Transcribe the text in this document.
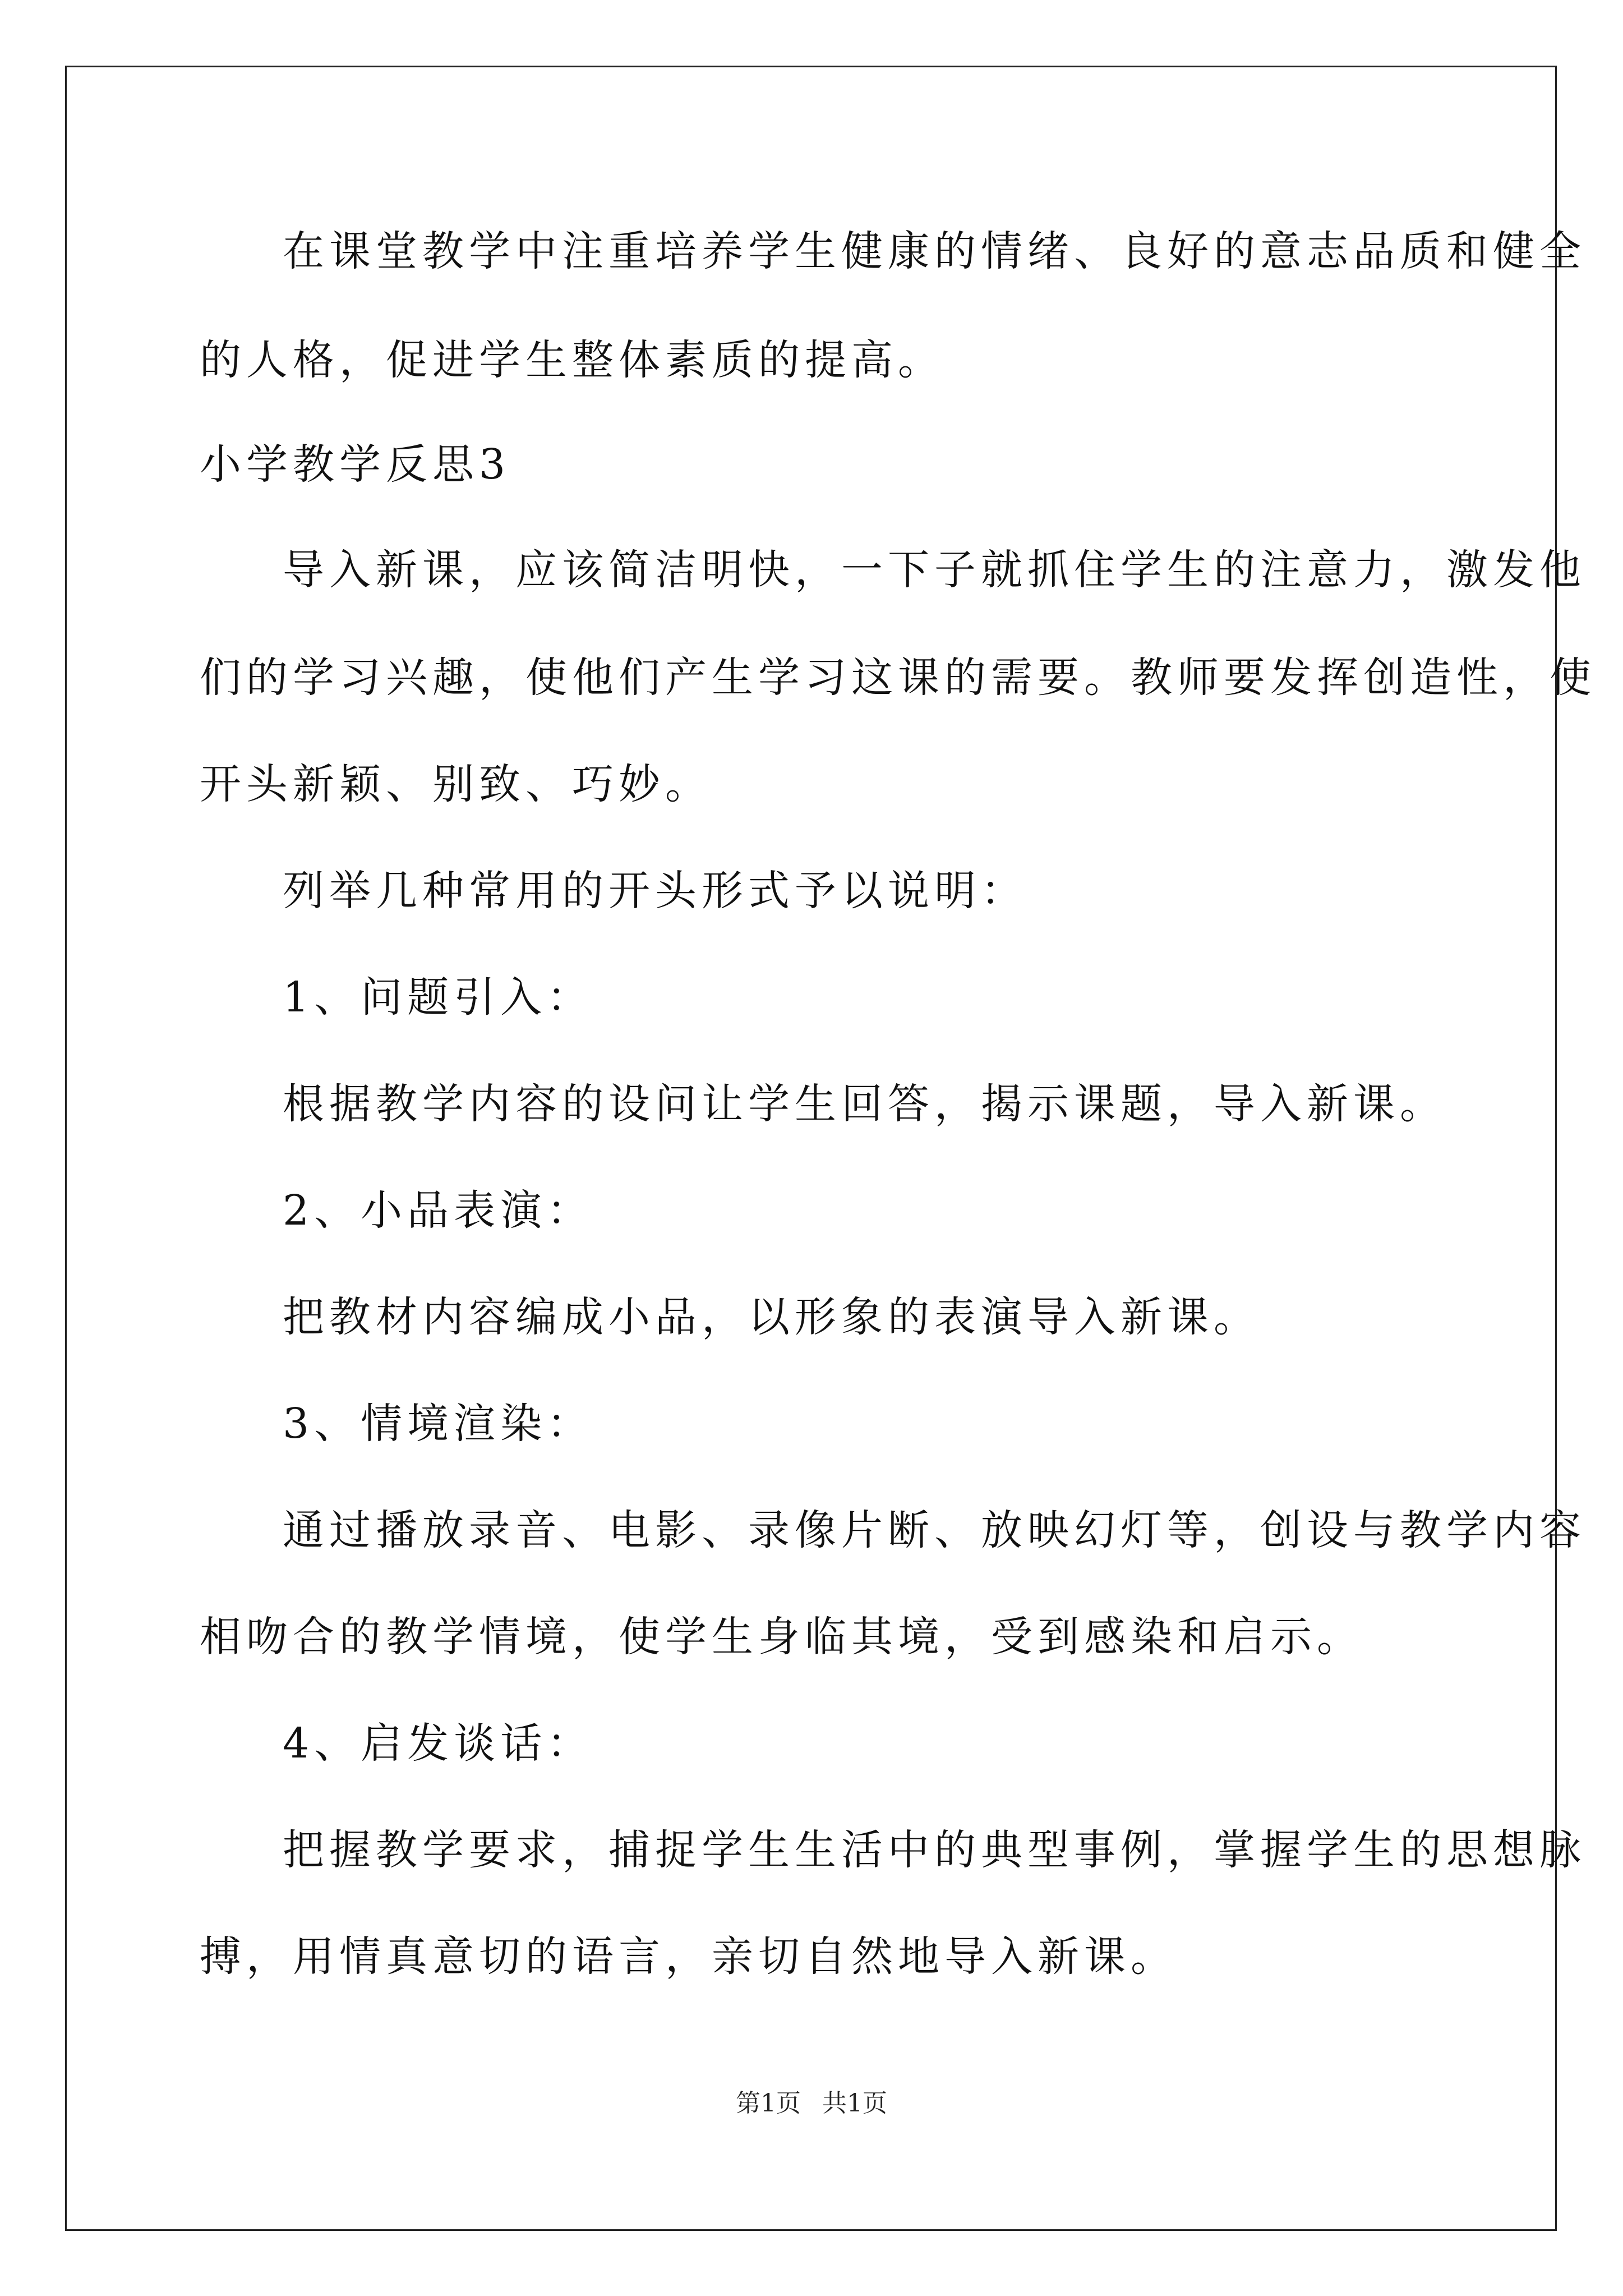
在课堂教学中注重培养学生健康的情绪、良好的意志品质和健全
的人格，促进学生整体素质的提高。
小学教学反思3
导入新课，应该简洁明快，一下子就抓住学生的注意力，激发他
们的学习兴趣，使他们产生学习这课的需要。教师要发挥创造性，使
开头新颖、别致、巧妙。
列举几种常用的开头形式予以说明：
1、问题引入：
根据教学内容的设问让学生回答，揭示课题，导入新课。
2、小品表演：
把教材内容编成小品，以形象的表演导入新课。
3、情境渲染：
通过播放录音、电影、录像片断、放映幻灯等，创设与教学内容
相吻合的教学情境，使学生身临其境，受到感染和启示。
4、启发谈话：
把握教学要求，捕捉学生生活中的典型事例，掌握学生的思想脉
搏，用情真意切的语言，亲切自然地导入新课。
第1页 共1页
